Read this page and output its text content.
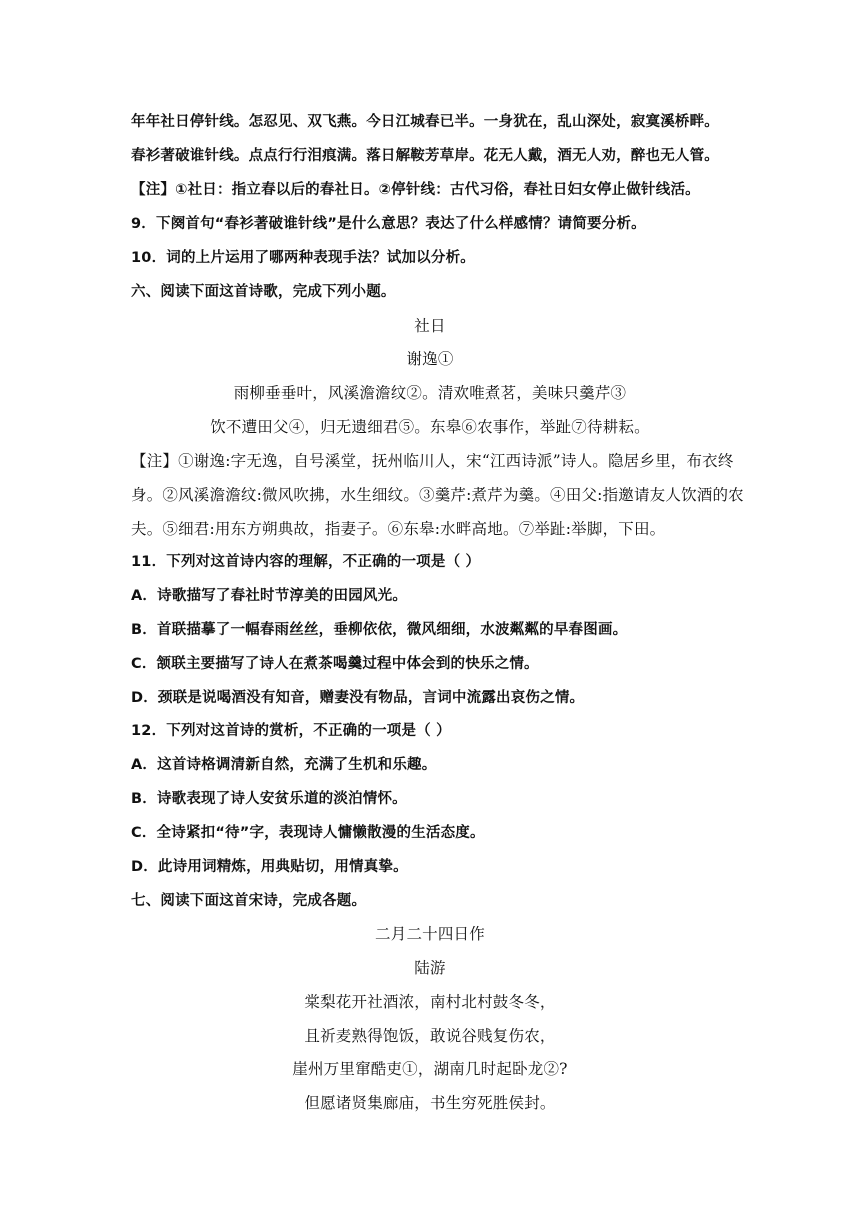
年年社日停针线。怎忍见、双飞燕。今日江城春已半。一身犹在，乱山深处，寂寞溪桥畔。
春衫著破谁针线。点点行行泪痕满。落日解鞍芳草岸。花无人戴，酒无人劝，醉也无人管。
【注】①社日：指立春以后的春社日。②停针线：古代习俗，春社日妇女停止做针线活。
9．下阕首句“春衫著破谁针线”是什么意思？表达了什么样感情？请简要分析。
10．词的上片运用了哪两种表现手法？试加以分析。
六、阅读下面这首诗歌，完成下列小题。
社日
谢逸①
雨柳垂垂叶，风溪澹澹纹②。清欢唯煮茗，美味只羹芹③
饮不遭田父④，归无遗细君⑤。东皋⑥农事作，举趾⑦待耕耘。
【注】①谢逸:字无逸，自号溪堂，抚州临川人，宋“江西诗派”诗人。隐居乡里，布衣终
身。②风溪澹澹纹:微风吹拂，水生细纹。③羹芹:煮芹为羹。④田父:指邀请友人饮酒的农
夫。⑤细君:用东方朔典故，指妻子。⑥东皋:水畔高地。⑦举趾:举脚，下田。
11．下列对这首诗内容的理解，不正确的一项是（ ）
A．诗歌描写了春社时节淳美的田园风光。
B．首联描摹了一幅春雨丝丝，垂柳依依，微风细细，水波粼粼的早春图画。
C．颔联主要描写了诗人在煮茶喝羹过程中体会到的快乐之情。
D．颈联是说喝酒没有知音，赠妻没有物品，言词中流露出哀伤之情。
12．下列对这首诗的赏析，不正确的一项是（ ）
A．这首诗格调清新自然，充满了生机和乐趣。
B．诗歌表现了诗人安贫乐道的淡泊情怀。
C．全诗紧扣“待”字，表现诗人慵懒散漫的生活态度。
D．此诗用词精炼，用典贴切，用情真挚。
七、阅读下面这首宋诗，完成各题。
二月二十四日作
陆游
棠梨花开社酒浓，南村北村鼓冬冬，
且祈麦熟得饱饭，敢说谷贱复伤农，
崖州万里窜酷吏①，湖南几时起卧龙②?
但愿诸贤集廊庙，书生穷死胜侯封。
